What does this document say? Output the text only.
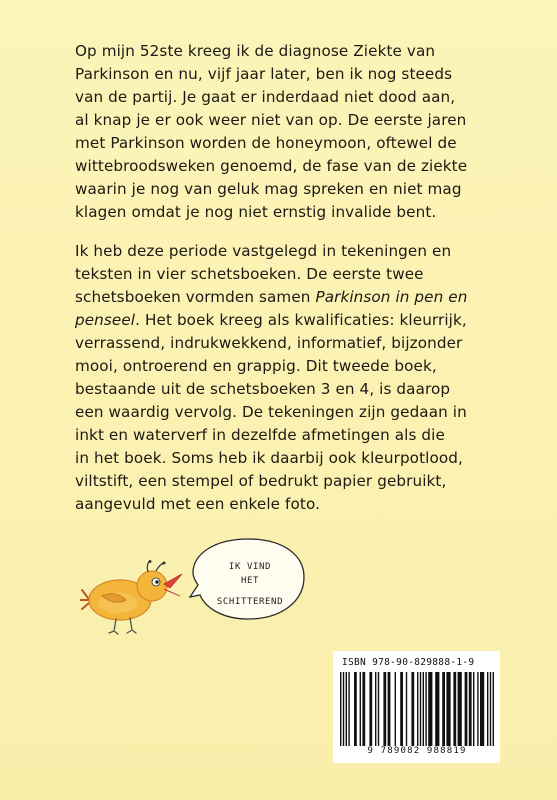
Op mijn 52ste kreeg ik de diagnose Ziekte van
Parkinson en nu, vijf jaar later, ben ik nog steeds
van de partij. Je gaat er inderdaad niet dood aan,
al knap je er ook weer niet van op. De eerste jaren
met Parkinson worden de honeymoon, oftewel de
wittebroodsweken genoemd, de fase van de ziekte
waarin je nog van geluk mag spreken en niet mag
klagen omdat je nog niet ernstig invalide bent.
Ik heb deze periode vastgelegd in tekeningen en
teksten in vier schetsboeken. De eerste twee
schetsboeken vormden samen Parkinson in pen en
penseel. Het boek kreeg als kwalificaties: kleurrijk,
verrassend, indrukwekkend, informatief, bijzonder
mooi, ontroerend en grappig. Dit tweede boek,
bestaande uit de schetsboeken 3 en 4, is daarop
een waardig vervolg. De tekeningen zijn gedaan in
inkt en waterverf in dezelfde afmetingen als die
in het boek. Soms heb ik daarbij ook kleurpotlood,
viltstift, een stempel of bedrukt papier gebruikt,
aangevuld met een enkele foto.
IK VIND
HET
SCHITTEREND
ISBN 978-90-829888-1-9
9 789082 988819
